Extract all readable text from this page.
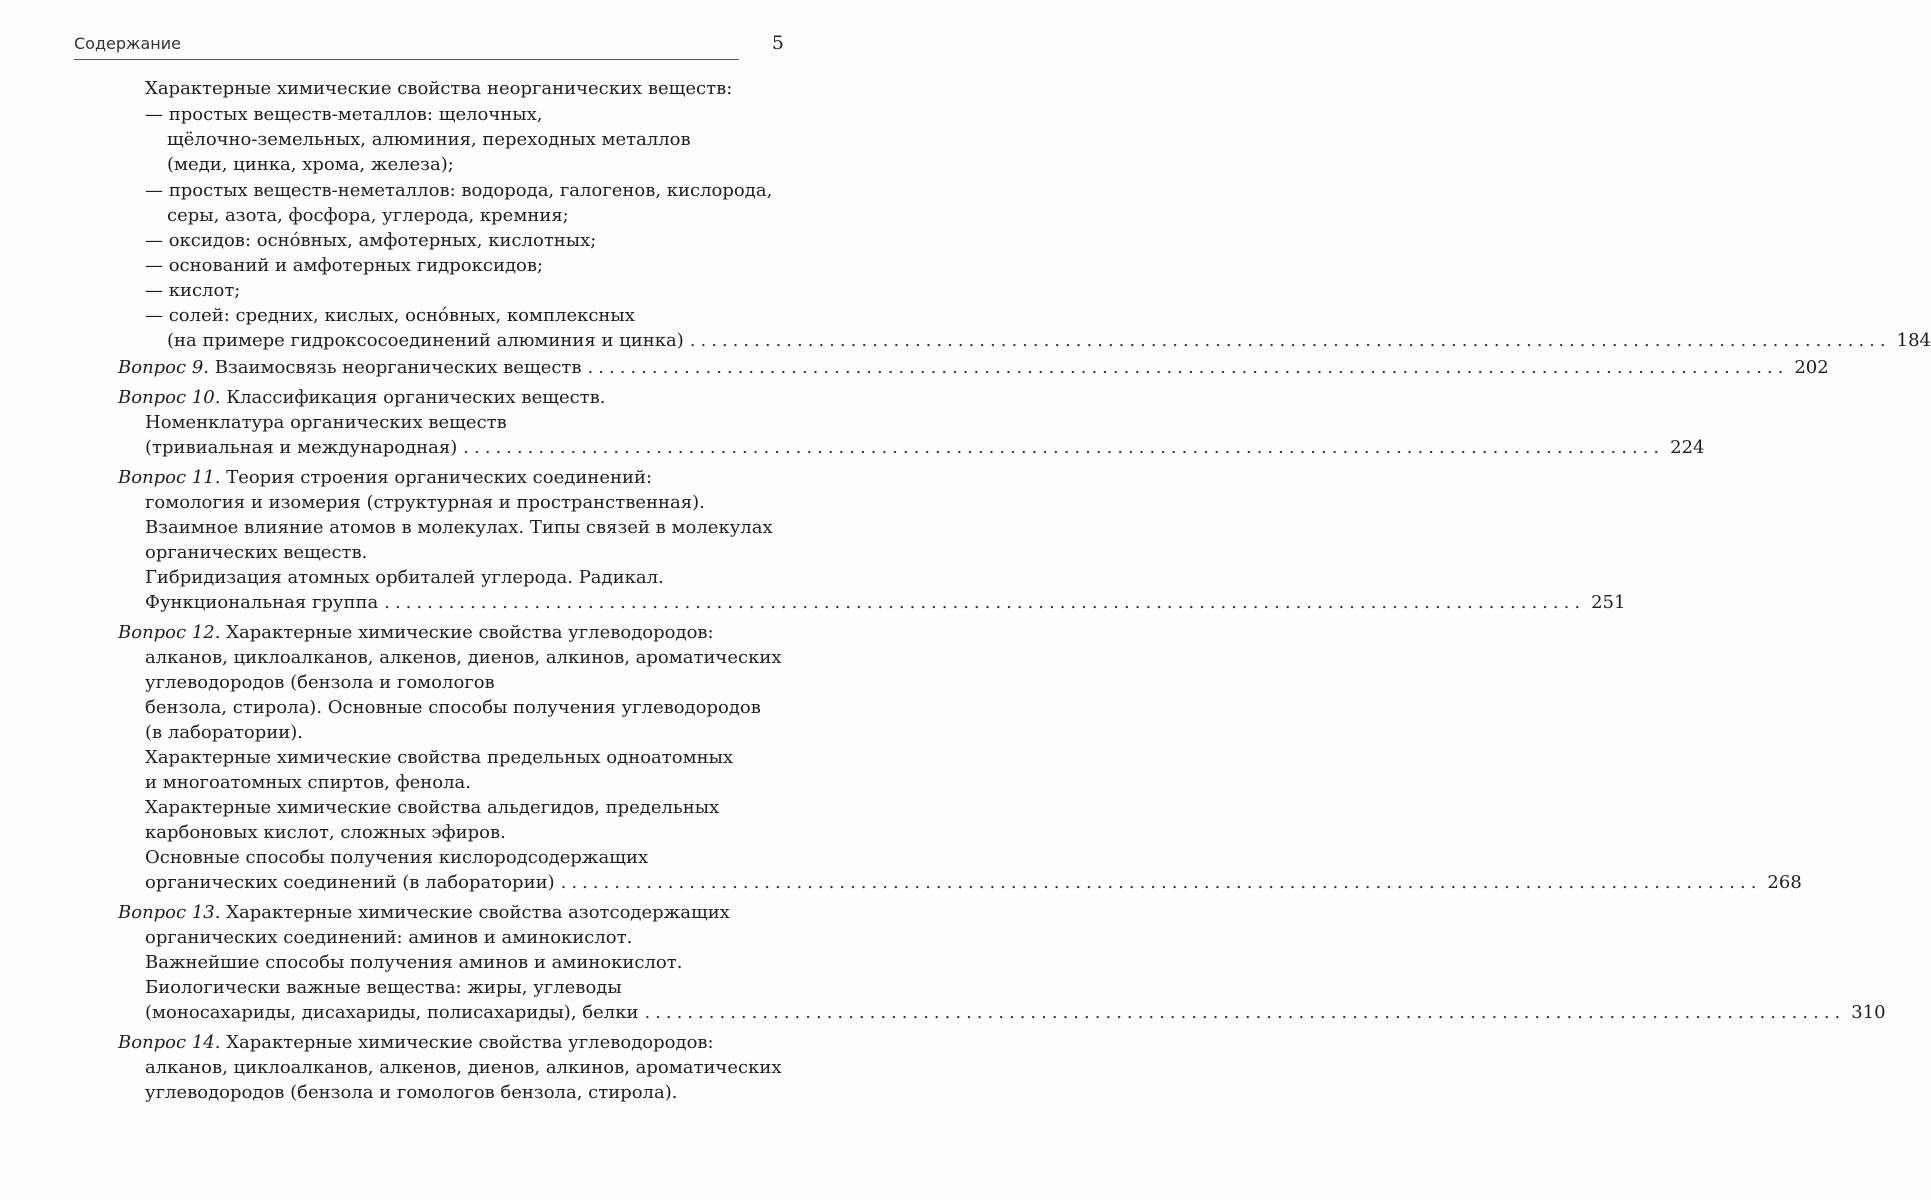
Содержание	5
Характерные химические свойства неорганических веществ:
— простых веществ-металлов: щелочных,
щёлочно-земельных, алюминия, переходных металлов
(меди, цинка, хрома, железа);
— простых веществ-неметаллов: водорода, галогенов, кислорода,
серы, азота, фосфора, углерода, кремния;
— оксидов: осно́вных, амфотерных, кислотных;
— оснований и амфотерных гидроксидов;
— кислот;
— солей: средних, кислых, осно́вных, комплексных
(на примере гидроксосоединений алюминия и цинка) ................................................................................................................ 184
Вопрос 9. Взаимосвязь неорганических веществ ................................................................................................................ 202
Вопрос 10. Классификация органических веществ.
Номенклатура органических веществ
(тривиальная и международная) ................................................................................................................ 224
Вопрос 11. Теория строения органических соединений:
гомология и изомерия (структурная и пространственная).
Взаимное влияние атомов в молекулах. Типы связей в молекулах
органических веществ.
Гибридизация атомных орбиталей углерода. Радикал.
Функциональная группа ................................................................................................................ 251
Вопрос 12. Характерные химические свойства углеводородов:
алканов, циклоалканов, алкенов, диенов, алкинов, ароматических
углеводородов (бензола и гомологов
бензола, стирола). Основные способы получения углеводородов
(в лаборатории).
Характерные химические свойства предельных одноатомных
и многоатомных спиртов, фенола.
Характерные химические свойства альдегидов, предельных
карбоновых кислот, сложных эфиров.
Основные способы получения кислородсодержащих
органических соединений (в лаборатории) ................................................................................................................ 268
Вопрос 13. Характерные химические свойства азотсодержащих
органических соединений: аминов и аминокислот.
Важнейшие способы получения аминов и аминокислот.
Биологически важные вещества: жиры, углеводы
(моносахариды, дисахариды, полисахариды), белки ................................................................................................................ 310
Вопрос 14. Характерные химические свойства углеводородов:
алканов, циклоалканов, алкенов, диенов, алкинов, ароматических
углеводородов (бензола и гомологов бензола, стирола).
